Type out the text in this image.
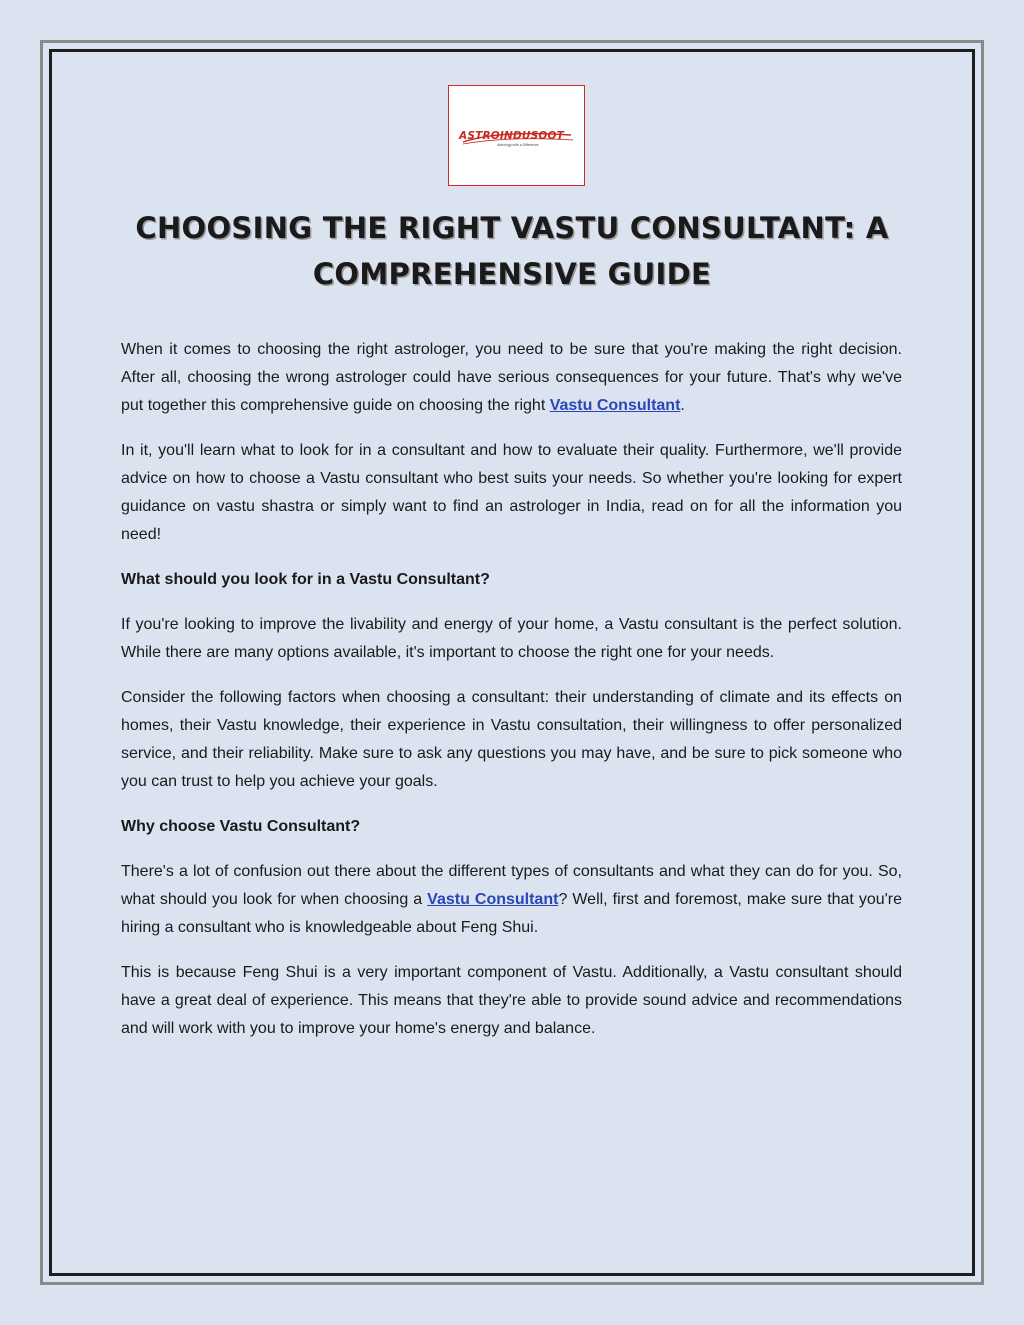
ASTROINDUSOOT
Astrology with a Difference
CHOOSING THE RIGHT VASTU CONSULTANT: A COMPREHENSIVE GUIDE

When it comes to choosing the right astrologer, you need to be sure that you're making the right decision. After all, choosing the wrong astrologer could have serious consequences for your future. That's why we've put together this comprehensive guide on choosing the right Vastu Consultant.

In it, you'll learn what to look for in a consultant and how to evaluate their quality. Furthermore, we'll provide advice on how to choose a Vastu consultant who best suits your needs. So whether you're looking for expert guidance on vastu shastra or simply want to find an astrologer in India, read on for all the information you need!

What should you look for in a Vastu Consultant?

If you're looking to improve the livability and energy of your home, a Vastu consultant is the perfect solution. While there are many options available, it's important to choose the right one for your needs.

Consider the following factors when choosing a consultant: their understanding of climate and its effects on homes, their Vastu knowledge, their experience in Vastu consultation, their willingness to offer personalized service, and their reliability. Make sure to ask any questions you may have, and be sure to pick someone who you can trust to help you achieve your goals.

Why choose Vastu Consultant?

There's a lot of confusion out there about the different types of consultants and what they can do for you. So, what should you look for when choosing a Vastu Consultant? Well, first and foremost, make sure that you're hiring a consultant who is knowledgeable about Feng Shui.

This is because Feng Shui is a very important component of Vastu. Additionally, a Vastu consultant should have a great deal of experience. This means that they're able to provide sound advice and recommendations and will work with you to improve your home's energy and balance.
